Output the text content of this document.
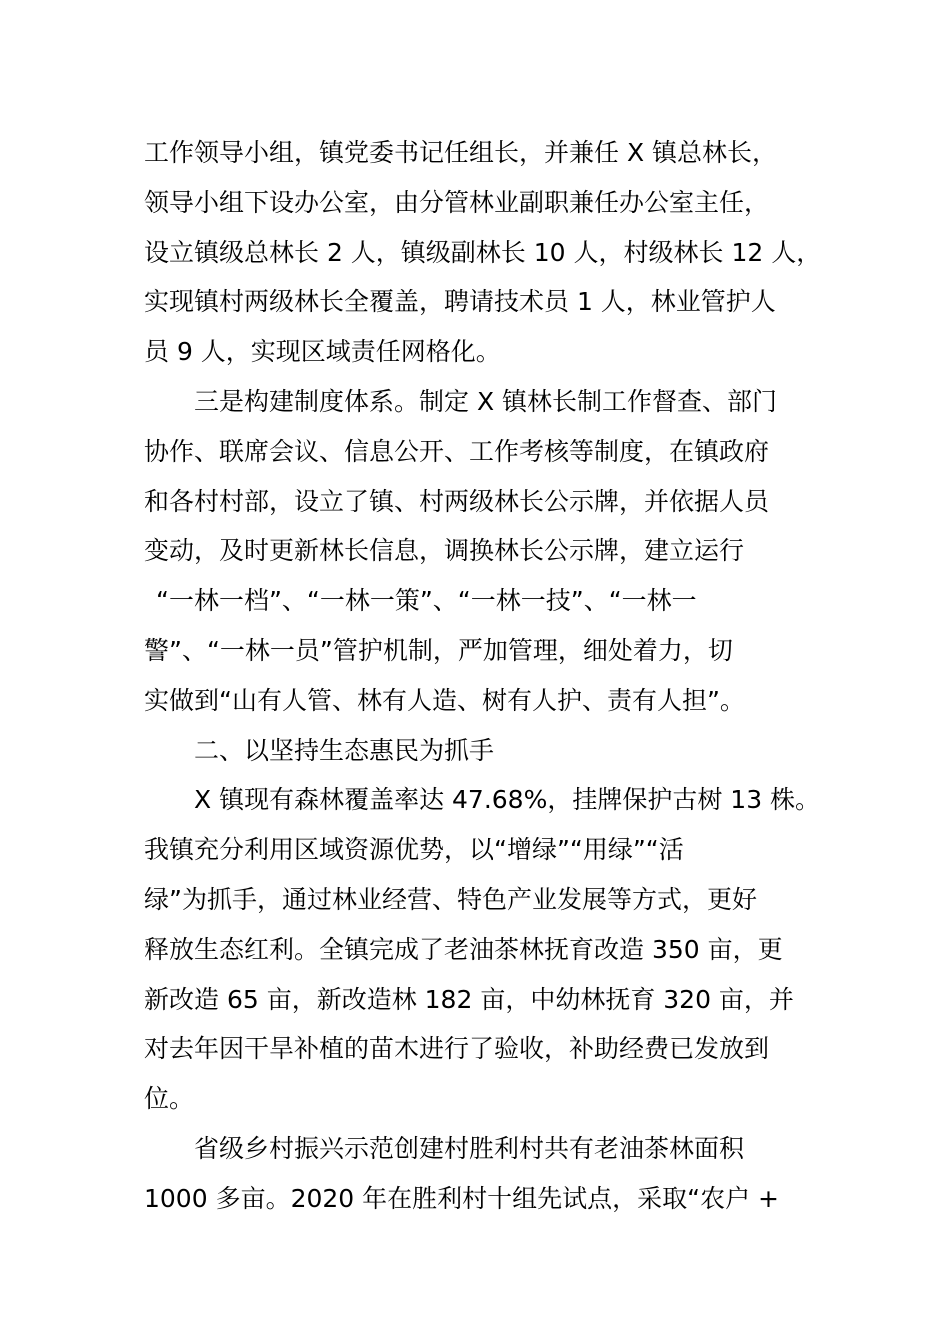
工作领导小组，镇党委书记任组长，并兼任 X 镇总林长，
领导小组下设办公室，由分管林业副职兼任办公室主任，
设立镇级总林长 2 人，镇级副林长 10 人，村级林长 12 人，
实现镇村两级林长全覆盖，聘请技术员 1 人，林业管护人
员 9 人，实现区域责任网格化。
三是构建制度体系。制定 X 镇林长制工作督查、部门
协作、联席会议、信息公开、工作考核等制度，在镇政府
和各村村部，设立了镇、村两级林长公示牌，并依据人员
变动，及时更新林长信息，调换林长公示牌，建立运行
“一林一档”、“一林一策”、“一林一技”、“一林一
警”、“一林一员”管护机制，严加管理，细处着力，切
实做到“山有人管、林有人造、树有人护、责有人担”。
二、以坚持生态惠民为抓手
X 镇现有森林覆盖率达 47.68%，挂牌保护古树 13 株。
我镇充分利用区域资源优势，以“增绿”“用绿”“活
绿”为抓手，通过林业经营、特色产业发展等方式，更好
释放生态红利。全镇完成了老油茶林抚育改造 350 亩，更
新改造 65 亩，新改造林 182 亩，中幼林抚育 320 亩，并
对去年因干旱补植的苗木进行了验收，补助经费已发放到
位。
省级乡村振兴示范创建村胜利村共有老油茶林面积
1000 多亩。2020 年在胜利村十组先试点，采取“农户 +
